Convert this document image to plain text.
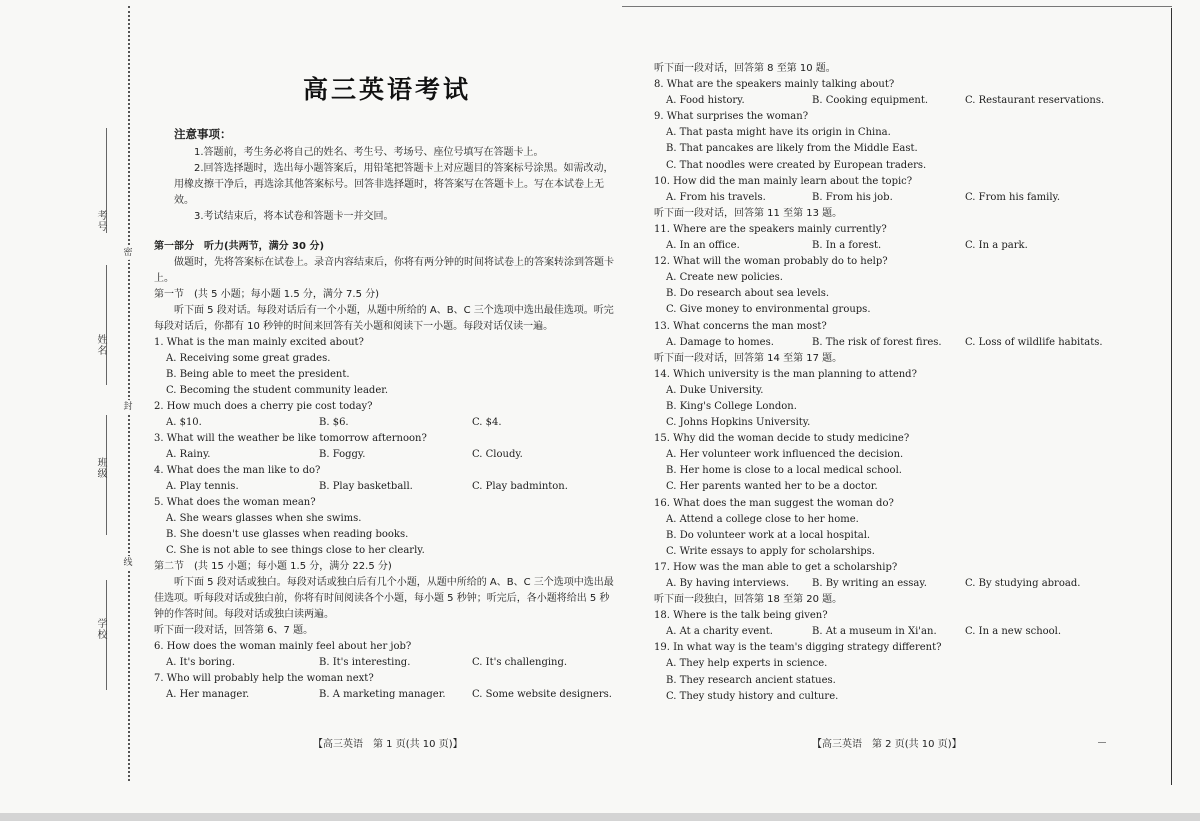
考号
姓名
班级
学校
密
封
线
高三英语考试
注意事项：
1.答题前，考生务必将自己的姓名、考生号、考场号、座位号填写在答题卡上。
2.回答选择题时，选出每小题答案后，用铅笔把答题卡上对应题目的答案标号涂黑。如需改动，用橡皮擦干净后，再选涂其他答案标号。回答非选择题时，将答案写在答题卡上。写在本试卷上无效。
3.考试结束后，将本试卷和答题卡一并交回。
第一部分　听力(共两节，满分 30 分)
做题时，先将答案标在试卷上。录音内容结束后，你将有两分钟的时间将试卷上的答案转涂到答题卡上。
第一节　(共 5 小题；每小题 1.5 分，满分 7.5 分)
听下面 5 段对话。每段对话后有一个小题，从题中所给的 A、B、C 三个选项中选出最佳选项。听完每段对话后，你都有 10 秒钟的时间来回答有关小题和阅读下一小题。每段对话仅读一遍。
1. What is the man mainly excited about?
A. Receiving some great grades.
B. Being able to meet the president.
C. Becoming the student community leader.
2. How much does a cherry pie cost today?
A. $10.	B. $6.	C. $4.
3. What will the weather be like tomorrow afternoon?
A. Rainy.	B. Foggy.	C. Cloudy.
4. What does the man like to do?
A. Play tennis.	B. Play basketball.	C. Play badminton.
5. What does the woman mean?
A. She wears glasses when she swims.
B. She doesn't use glasses when reading books.
C. She is not able to see things close to her clearly.
第二节　(共 15 小题；每小题 1.5 分，满分 22.5 分)
听下面 5 段对话或独白。每段对话或独白后有几个小题，从题中所给的 A、B、C 三个选项中选出最佳选项。听每段对话或独白前，你将有时间阅读各个小题，每小题 5 秒钟；听完后，各小题将给出 5 秒钟的作答时间。每段对话或独白读两遍。
听下面一段对话，回答第 6、7 题。
6. How does the woman mainly feel about her job?
A. It's boring.	B. It's interesting.	C. It's challenging.
7. Who will probably help the woman next?
A. Her manager.	B. A marketing manager.	C. Some website designers.
听下面一段对话，回答第 8 至第 10 题。
8. What are the speakers mainly talking about?
A. Food history.	B. Cooking equipment.	C. Restaurant reservations.
9. What surprises the woman?
A. That pasta might have its origin in China.
B. That pancakes are likely from the Middle East.
C. That noodles were created by European traders.
10. How did the man mainly learn about the topic?
A. From his travels.	B. From his job.	C. From his family.
听下面一段对话，回答第 11 至第 13 题。
11. Where are the speakers mainly currently?
A. In an office.	B. In a forest.	C. In a park.
12. What will the woman probably do to help?
A. Create new policies.
B. Do research about sea levels.
C. Give money to environmental groups.
13. What concerns the man most?
A. Damage to homes.	B. The risk of forest fires.	C. Loss of wildlife habitats.
听下面一段对话，回答第 14 至第 17 题。
14. Which university is the man planning to attend?
A. Duke University.
B. King's College London.
C. Johns Hopkins University.
15. Why did the woman decide to study medicine?
A. Her volunteer work influenced the decision.
B. Her home is close to a local medical school.
C. Her parents wanted her to be a doctor.
16. What does the man suggest the woman do?
A. Attend a college close to her home.
B. Do volunteer work at a local hospital.
C. Write essays to apply for scholarships.
17. How was the man able to get a scholarship?
A. By having interviews.	B. By writing an essay.	C. By studying abroad.
听下面一段独白，回答第 18 至第 20 题。
18. Where is the talk being given?
A. At a charity event.	B. At a museum in Xi'an.	C. In a new school.
19. In what way is the team's digging strategy different?
A. They help experts in science.
B. They research ancient statues.
C. They study history and culture.
【高三英语　第 1 页(共 10 页)】	【高三英语　第 2 页(共 10 页)】
